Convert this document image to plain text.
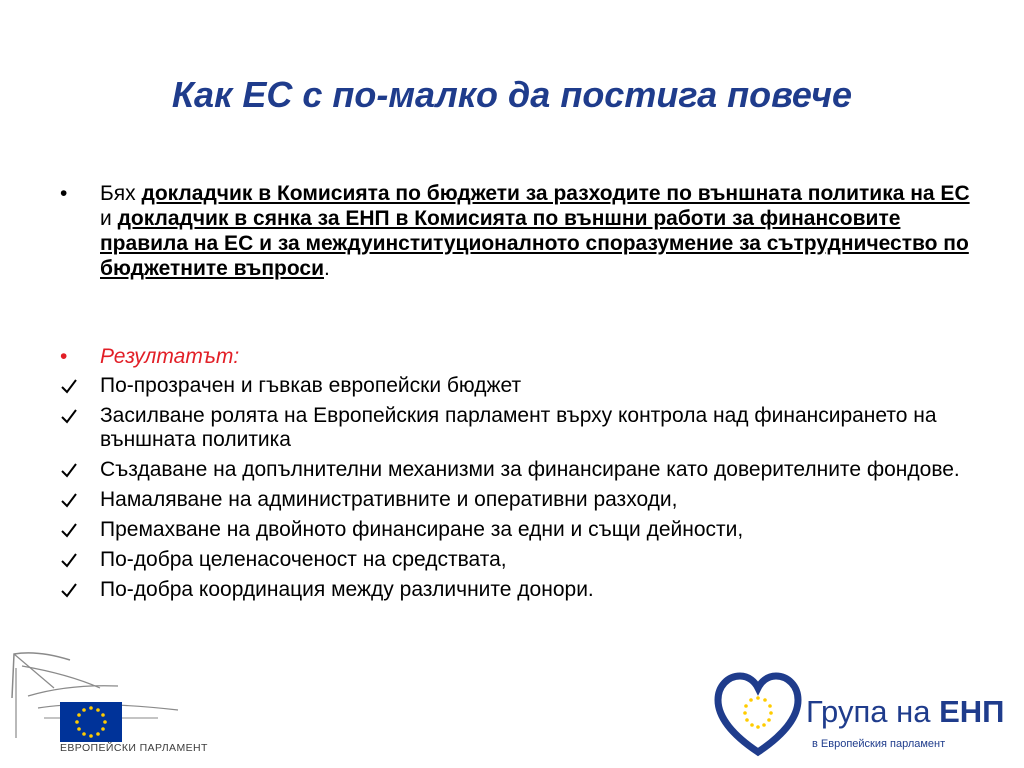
Как ЕС с по-малко да постига повече
•	Бях докладчик в Комисията по бюджети за разходите по външната политика на ЕС и докладчик в сянка за ЕНП в Комисията по външни работи за финансовите правила на ЕС и за междуинституционалното споразумение за сътрудничество по бюджетните въпроси.
• Резултатът:
По-прозрачен и гъвкав европейски бюджет
Засилване ролята на Европейския парламент върху контрола над финансирането на външната политика
Създаване на допълнителни механизми за финансиране като доверителните фондове.
Намаляване на административните и оперативни разходи,
Премахване на двойното финансиране за едни и същи дейности,
По-добра целенасоченост на средствата,
По-добра координация между различните донори.
ЕВРОПЕЙСКИ ПАРЛАМЕНТ
Група на ЕНП
в Европейския парламент
